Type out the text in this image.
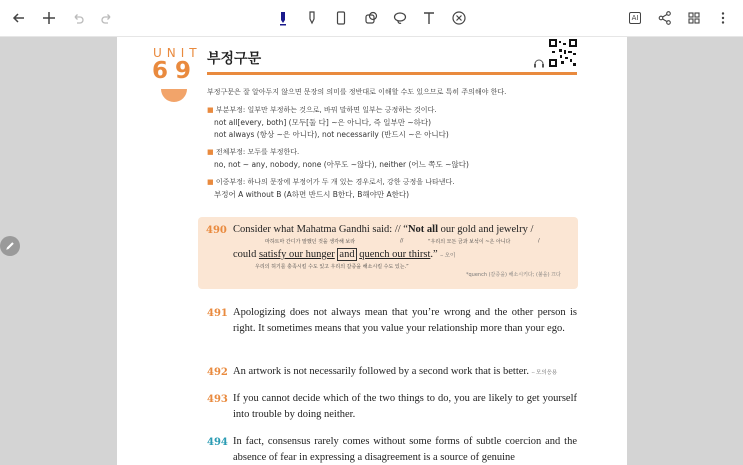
AI
UNIT
69 부정구문
부정구문은 잘 알아두지 않으면 문장의 의미를 정반대로 이해할 수도 있으므로 특히 주의해야 한다.
■ 부분부정: 일부만 부정하는 것으로, 바꿔 말하면 일부는 긍정하는 것이다.
not all[every, both] (모두[둘 다] ~은 아니다, 즉 일부만 ~하다)
not always (항상 ~은 아니다), not necessarily (반드시 ~은 아니다)
■ 전체부정: 모두를 부정한다.
no, not ~ any, nobody, none (아무도 ~않다), neither (어느 쪽도 ~않다)
■ 이중부정: 하나의 문장에 부정어가 두 개 있는 경우로서, 강한 긍정을 나타낸다.
부정어 A without B (A하면 반드시 B한다, B해야만 A한다)
490 Consider what Mahatma Gandhi said: // “Not all our gold and jewelry /
마하트마 간디가 말했던 것을 생각해 보라	//	“우리의 모든 금과 보석이 ~은 아니다	/
could satisfy our hunger and quench our thirst.” ~ 오이
우리의 허기를 충족시킬 수도 있고 우리의 갈증을 해소시킬 수도 있는.”
*quench (갈증을) 해소시키다; (불을) 끄다
491 Apologizing does not always mean that you’re wrong and the other person is right. It sometimes means that you value your relationship more than your ego.
492 An artwork is not necessarily followed by a second work that is better. ~ 모의응용
493 If you cannot decide which of the two things to do, you are likely to get yourself into trouble by doing neither.
494 In fact, consensus rarely comes without some forms of subtle coercion and the absence of fear in expressing a disagreement is a source of genuine
